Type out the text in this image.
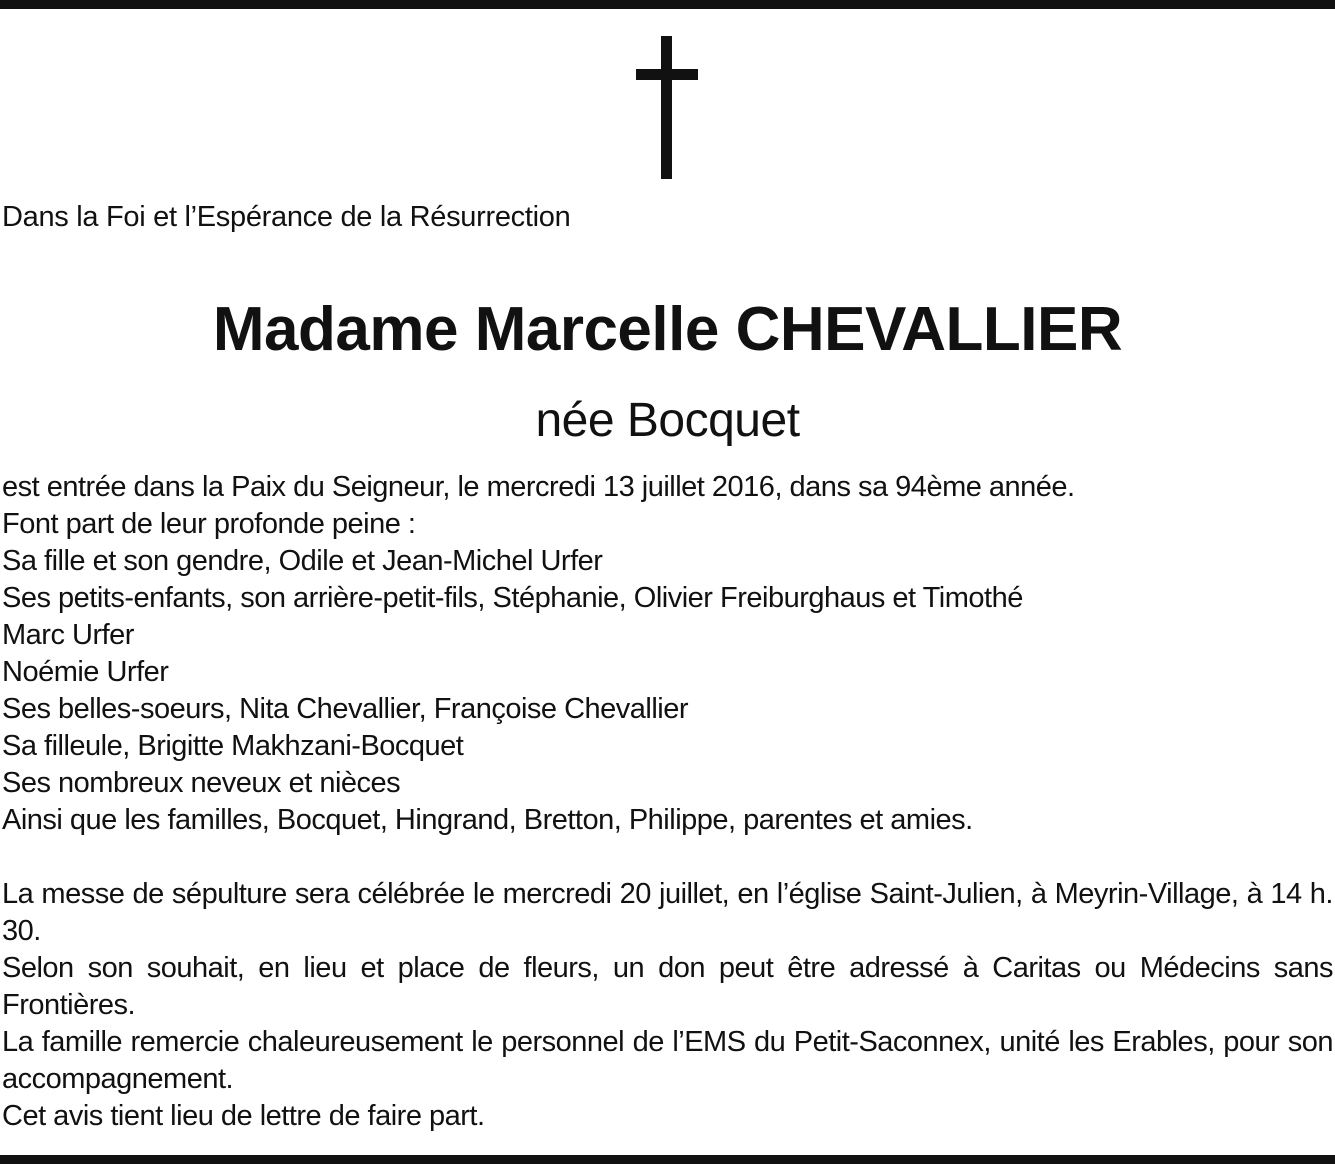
Dans la Foi et l’Espérance de la Résurrection
Madame Marcelle CHEVALLIER
née Bocquet
est entrée dans la Paix du Seigneur, le mercredi 13 juillet 2016, dans sa 94ème année.
Font part de leur profonde peine :
Sa fille et son gendre, Odile et Jean-Michel Urfer
Ses petits-enfants, son arrière-petit-fils, Stéphanie, Olivier Freiburghaus et Timothé
Marc Urfer
Noémie Urfer
Ses belles-soeurs, Nita Chevallier, Françoise Chevallier
Sa filleule, Brigitte Makhzani-Bocquet
Ses nombreux neveux et nièces
Ainsi que les familles, Bocquet, Hingrand, Bretton, Philippe, parentes et amies.
La messe de sépulture sera célébrée le mercredi 20 juillet, en l’église Saint-Julien, à Meyrin-Village, à 14 h. 30.
Selon son souhait, en lieu et place de fleurs, un don peut être adressé à Caritas ou Médecins sans Frontières.
La famille remercie chaleureusement le personnel de l’EMS du Petit-Saconnex, unité les Erables, pour son accompagnement.
Cet avis tient lieu de lettre de faire part.
